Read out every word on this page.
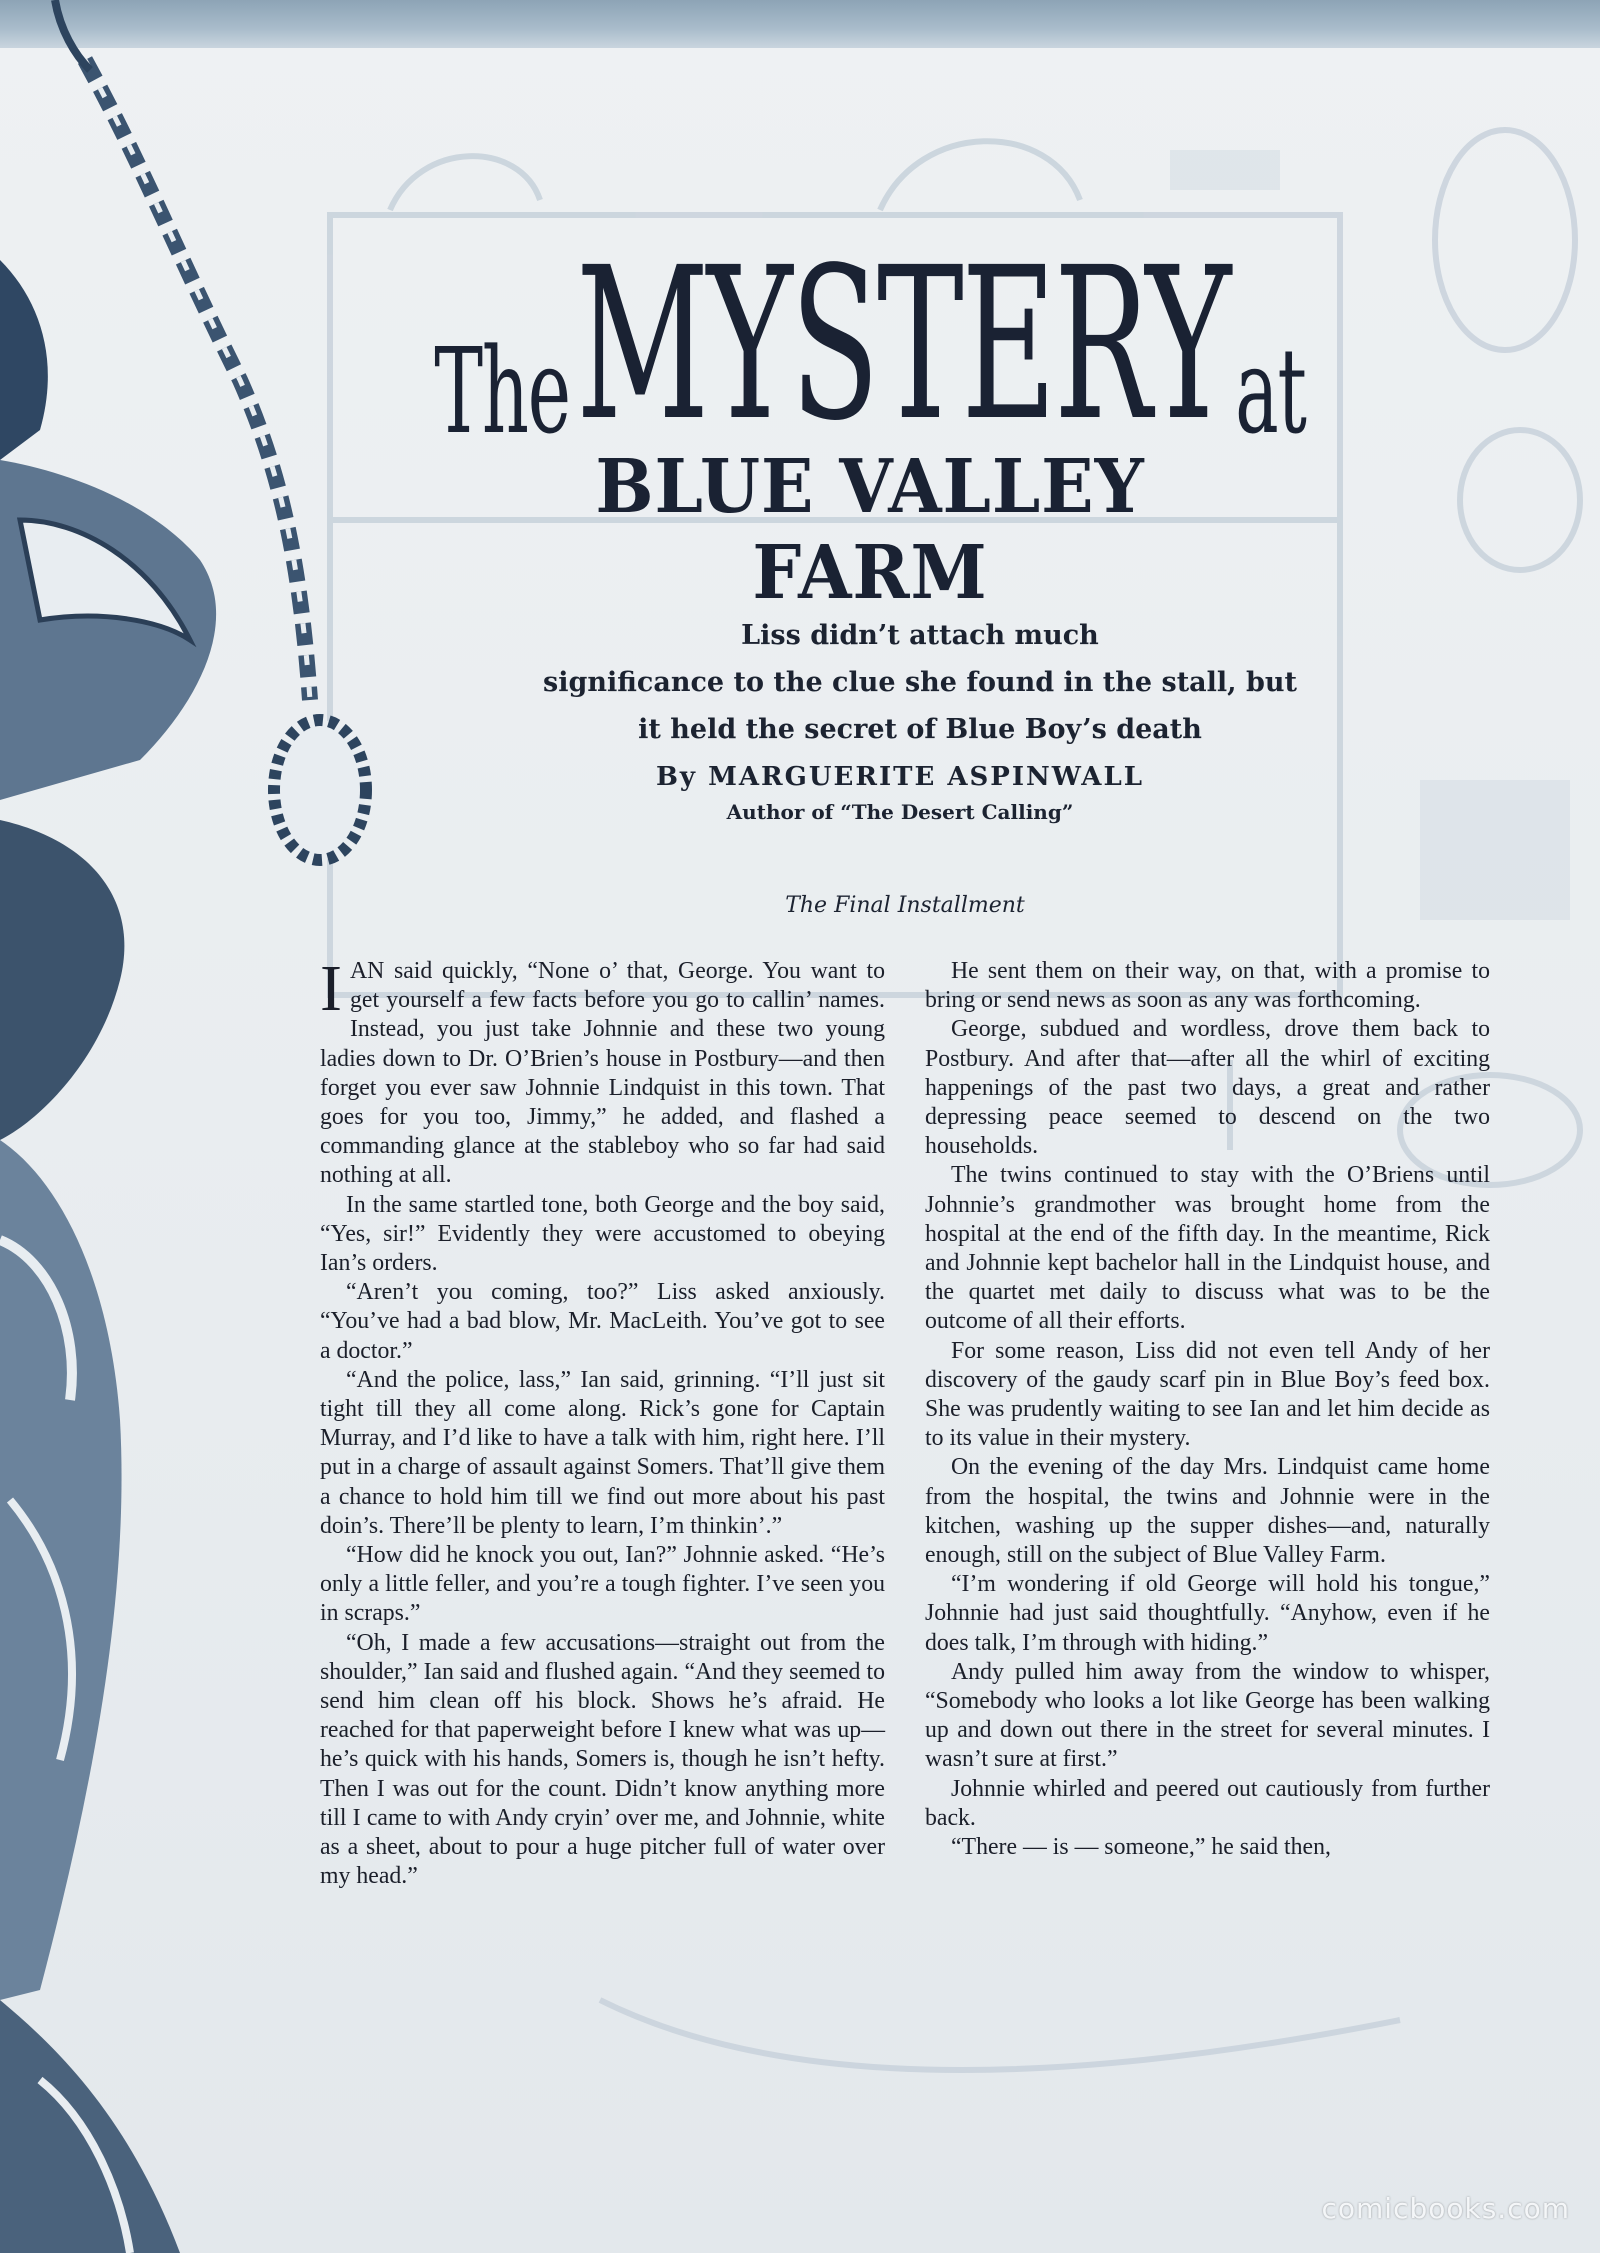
The MYSTERY at
BLUE VALLEY FARM
Liss didn’t attach much
significance to the clue she found in the stall, but
it held the secret of Blue Boy’s death
By MARGUERITE ASPINWALL
Author of “The Desert Calling”
The Final Installment

IAN said quickly, “None o’ that, George. You want to get yourself a few facts before you go to callin’ names. Instead, you just take Johnnie and these two young ladies down to Dr. O’Brien’s house in Postbury—and then forget you ever saw Johnnie Lindquist in this town. That goes for you too, Jimmy,” he added, and flashed a commanding glance at the stableboy who so far had said nothing at all.

In the same startled tone, both George and the boy said, “Yes, sir!” Evidently they were accustomed to obeying Ian’s orders.

“Aren’t you coming, too?” Liss asked anxiously. “You’ve had a bad blow, Mr. MacLeith. You’ve got to see a doctor.”

“And the police, lass,” Ian said, grinning. “I’ll just sit tight till they all come along. Rick’s gone for Captain Murray, and I’d like to have a talk with him, right here. I’ll put in a charge of assault against Somers. That’ll give them a chance to hold him till we find out more about his past doin’s. There’ll be plenty to learn, I’m thinkin’.”

“How did he knock you out, Ian?” Johnnie asked. “He’s only a little feller, and you’re a tough fighter. I’ve seen you in scraps.”

“Oh, I made a few accusations—straight out from the shoulder,” Ian said and flushed again. “And they seemed to send him clean off his block. Shows he’s afraid. He reached for that paperweight before I knew what was up—he’s quick with his hands, Somers is, though he isn’t hefty. Then I was out for the count. Didn’t know anything more till I came to with Andy cryin’ over me, and Johnnie, white as a sheet, about to pour a huge pitcher full of water over my head.”

He sent them on their way, on that, with a promise to bring or send news as soon as any was forthcoming.

George, subdued and wordless, drove them back to Postbury. And after that—after all the whirl of exciting happenings of the past two days, a great and rather depressing peace seemed to descend on the two households.

The twins continued to stay with the O’Briens until Johnnie’s grandmother was brought home from the hospital at the end of the fifth day. In the meantime, Rick and Johnnie kept bachelor hall in the Lindquist house, and the quartet met daily to discuss what was to be the outcome of all their efforts.

For some reason, Liss did not even tell Andy of her discovery of the gaudy scarf pin in Blue Boy’s feed box. She was prudently waiting to see Ian and let him decide as to its value in their mystery.

On the evening of the day Mrs. Lindquist came home from the hospital, the twins and Johnnie were in the kitchen, washing up the supper dishes—and, naturally enough, still on the subject of Blue Valley Farm.

“I’m wondering if old George will hold his tongue,” Johnnie had just said thoughtfully. “Anyhow, even if he does talk, I’m through with hiding.”

Andy pulled him away from the window to whisper, “Somebody who looks a lot like George has been walking up and down out there in the street for several minutes. I wasn’t sure at first.”

Johnnie whirled and peered out cautiously from further back.

“There — is — someone,” he said then,

comicbooks.com
